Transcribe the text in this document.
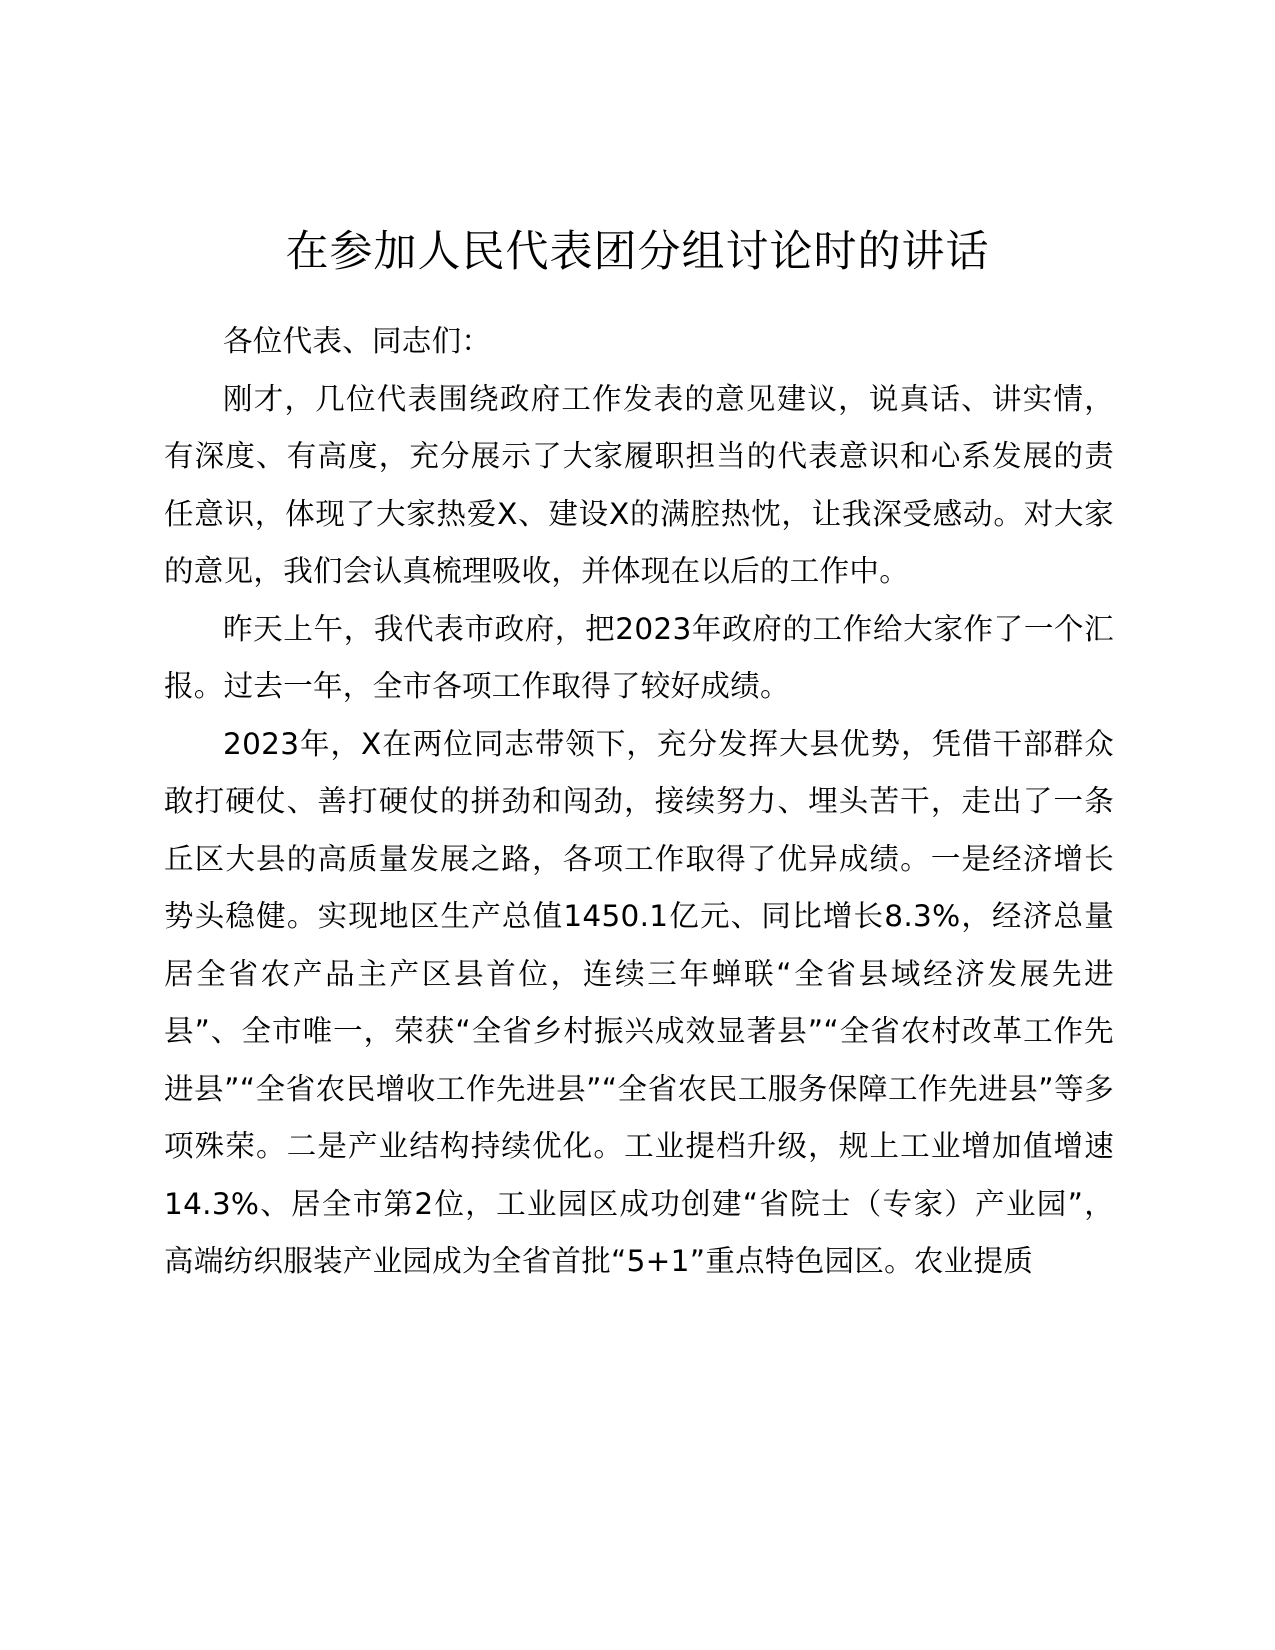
在参加人民代表团分组讨论时的讲话

各位代表、同志们：

刚才，几位代表围绕政府工作发表的意见建议，说真话、讲实情，有深度、有高度，充分展示了大家履职担当的代表意识和心系发展的责任意识，体现了大家热爱X、建设X的满腔热忱，让我深受感动。对大家的意见，我们会认真梳理吸收，并体现在以后的工作中。

昨天上午，我代表市政府，把2023年政府的工作给大家作了一个汇报。过去一年，全市各项工作取得了较好成绩。

2023年，X在两位同志带领下，充分发挥大县优势，凭借干部群众敢打硬仗、善打硬仗的拼劲和闯劲，接续努力、埋头苦干，走出了一条丘区大县的高质量发展之路，各项工作取得了优异成绩。一是经济增长势头稳健。实现地区生产总值1450.1亿元、同比增长8.3%，经济总量居全省农产品主产区县首位，连续三年蝉联“全省县域经济发展先进县”、全市唯一，荣获“全省乡村振兴成效显著县”“全省农村改革工作先进县”“全省农民增收工作先进县”“全省农民工服务保障工作先进县”等多项殊荣。二是产业结构持续优化。工业提档升级，规上工业增加值增速14.3%、居全市第2位，工业园区成功创建“省院士（专家）产业园”，高端纺织服装产业园成为全省首批“5+1”重点特色园区。农业提质
